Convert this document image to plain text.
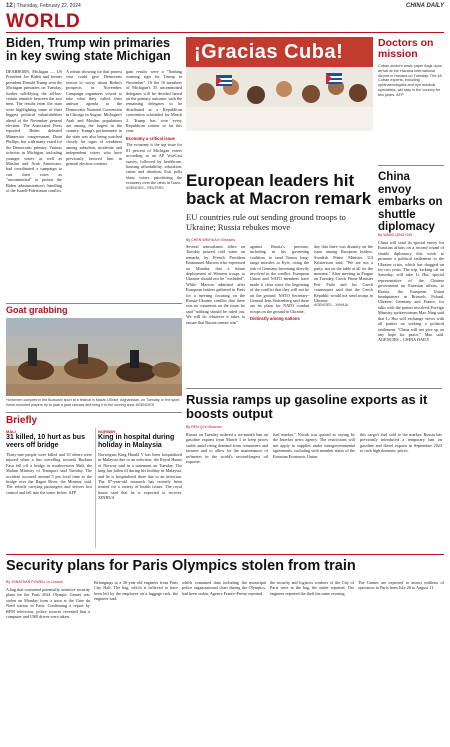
12 | Thursday, February 22, 2024	CHINA DAILY
WORLD
Biden, Trump win primaries in key swing state Michigan
DEARBORN, Michigan — US President Joe Biden and former president Donald Trump won the Michigan primaries on Tuesday, further solidifying the all-but-certain rematch between the two men. The results from the state were highlighting some of their biggest political vulnerabilities ahead of the November general election. The Associated Press reported. Biden defeated Minnesota congressman Dean Phillips, but with many voted for the Democratic primary. Various activists in Michigan, including younger voters as well as Muslim and Arab Americans, had coordinated a campaign to cast their votes as "uncommitted" to protest the Biden administration's handling of the Israeli-Palestinian conflict.
A robust showing for that protest vote could give Democrats reason to worry about Biden's prospects in November. Campaign organizers vowed to take what they called their antiwar agenda to the Democratic National Convention in Chicago in August. Michigan's Arab and Muslim populations are among the largest in the country. Trump's performance in the state was also being watched closely for signs of weakness among suburban, moderate and independent voters who have previously favored him in general election contests.
gain results were a "flashing warning sign for Trump in November". Of the 16 members of Michigan's 55 uncommitted delegates will be decided based on the primary outcome, with the remaining delegates to be distributed at a Republican convention scheduled for March 2. Trump has won every Republican contest so far this year.
Economy a critical issue
The economy is the top issue for 81 percent of Michigan voters according to an AP VoteCast survey, followed by healthcare, housing affordability, education, crime and abortion. Exit polls show voters prioritizing the economy over the crisis in Gaza.
AGENCIES – REUTERS
Goat grabbing
Horsemen compete in the Buzkashi sport at a festival in Mazar-i-Sharif, Afghanistan, on Tuesday. In the sport, horse-mounted players try to grab a goat carcass and bring it to the scoring area. AGENCIES
Briefly
MALI
31 killed, 10 hurt as bus veers off bridge
Thirty-one people were killed and 10 others were injured when a bus travelling towards Burkina Faso fell off a bridge in southwestern Mali, the Malian Ministry of Transport said Tuesday. The accident occurred around 5 pm local time as the bridge over the Bagoe River, the Ministry said. The vehicle carrying passengers and drivers lost control and fell into the water below. AFP
NORWAY
King in hospital during holiday in Malaysia
Norwegian King Harald V has been hospitalized in Malaysia due to an infection, the Royal House of Norway said in a statement on Tuesday. The king has fallen ill during his holiday in Malaysia, and he is hospitalized there due to an infection. The 87-year-old monarch has recently been treated for a variety of health issues. The royal house said that he is expected to recover. XINHUA
¡Gracias Cuba!
European leaders hit back at Macron remark
EU countries rule out sending ground troops to Ukraine; Russia rebukes move
By CHEN WEIHUA in Brussels
Several transatlantic allies on Tuesday poured cold water on remarks by French President Emmanuel Macron who expressed on Monday that a future deployment of Western troops to Ukraine should not be "excluded". While Macron admitted after European leaders gathered in Paris for a meeting focusing on the Russia-Ukraine conflict that there was no consensus on the issue, he said "nothing should be ruled out. We will do whatever it takes to ensure that Russia cannot win".
against Russia's pressure, including in his governing coalition, to send Taurus long-range missiles to Kyiv, citing the risk of Germany becoming directly involved in the conflict. European Union and NATO members have made it clear since the beginning of the conflict that they will not be on the ground. NATO Secretary-General Jens Stoltenberg said there are no plans for NATO combat troops on the ground in Ukraine.
Distinctly among nations
day that there was disunity on the issue among European leaders. Swedish Prime Minister Ulf Kristersson said, "We are not a party, not on the table at all for the moment." After meeting in Prague on Tuesday, Czech Prime Minister Petr Fiala and his Czech counterpart said that the Czech Republic would not send troops to Ukraine.
AGENCIES – XINHUA
Russia ramps up gasoline exports as it boosts output
By REN QI in Moscow
Russia on Tuesday ordered a six-month ban on gasoline exports from March 1 to keep prices stable amid rising demand from consumers and farmers and to allow for the maintenance of refineries in the world's second-largest oil exporter.
fuel market," Novak was quoted as saying by the Interfax news agency. The restrictions will not apply to supplies under intergovernmental agreements, including with member states of the Eurasian Economic Union.
this cargo's fuel sold to the market. Russia has previously introduced a temporary ban on gasoline and diesel exports in September 2023 to curb high domestic prices.
Doctors on mission
Cuban doctors wave paper flags upon arrival at the Havana International Airport in Havana on Tuesday. The 48 Cuban experts, including ophthalmologists and eye medical specialists, will stay in the country for two years. AFP
China envoy embarks on shuttle diplomacy
By WANG QINGYUN
China will send its special envoy for Eurasian affairs on a second round of shuttle diplomacy this week to promote a political settlement to the Ukraine crisis, which has dragged on for two years. The trip, kicking off on Saturday, will take Li Hui, special representative of the Chinese government on Eurasian affairs, to Russia, the European Union headquarters in Brussels, Poland, Ukraine, Germany and France, for talks with the parties involved. Foreign Ministry spokeswoman Mao Ning said that Li Hui will exchange views with all parties on seeking a political settlement. "China will not give up on any hope for peace," Mao said. AGENCIES – CHINA DAILY
Security plans for Paris Olympics stolen from train
By JONATHAN POWELL in London
A bag that contained potentially sensitive security plans for the Paris 2024 Olympic Games was stolen on Monday from a train at the Gare du Nord station in Paris. Confirming a report by BFM television, police sources revealed that a computer and USB drives were taken.
Belongings to a 36-year-old engineer from Paris City Hall. The bag, which is believed to have been left by the employee on a luggage rack, the engineer said.
which contained data including the municipal police organizational chart during the Olympics, had been stolen, Agence France-Presse reported.
the security and logistics workers of the City of Paris were in the bag, the outlet reported. The engineer reported the theft the same evening.
The Games are expected to attract millions of spectators to Paris from July 26 to August 11.
